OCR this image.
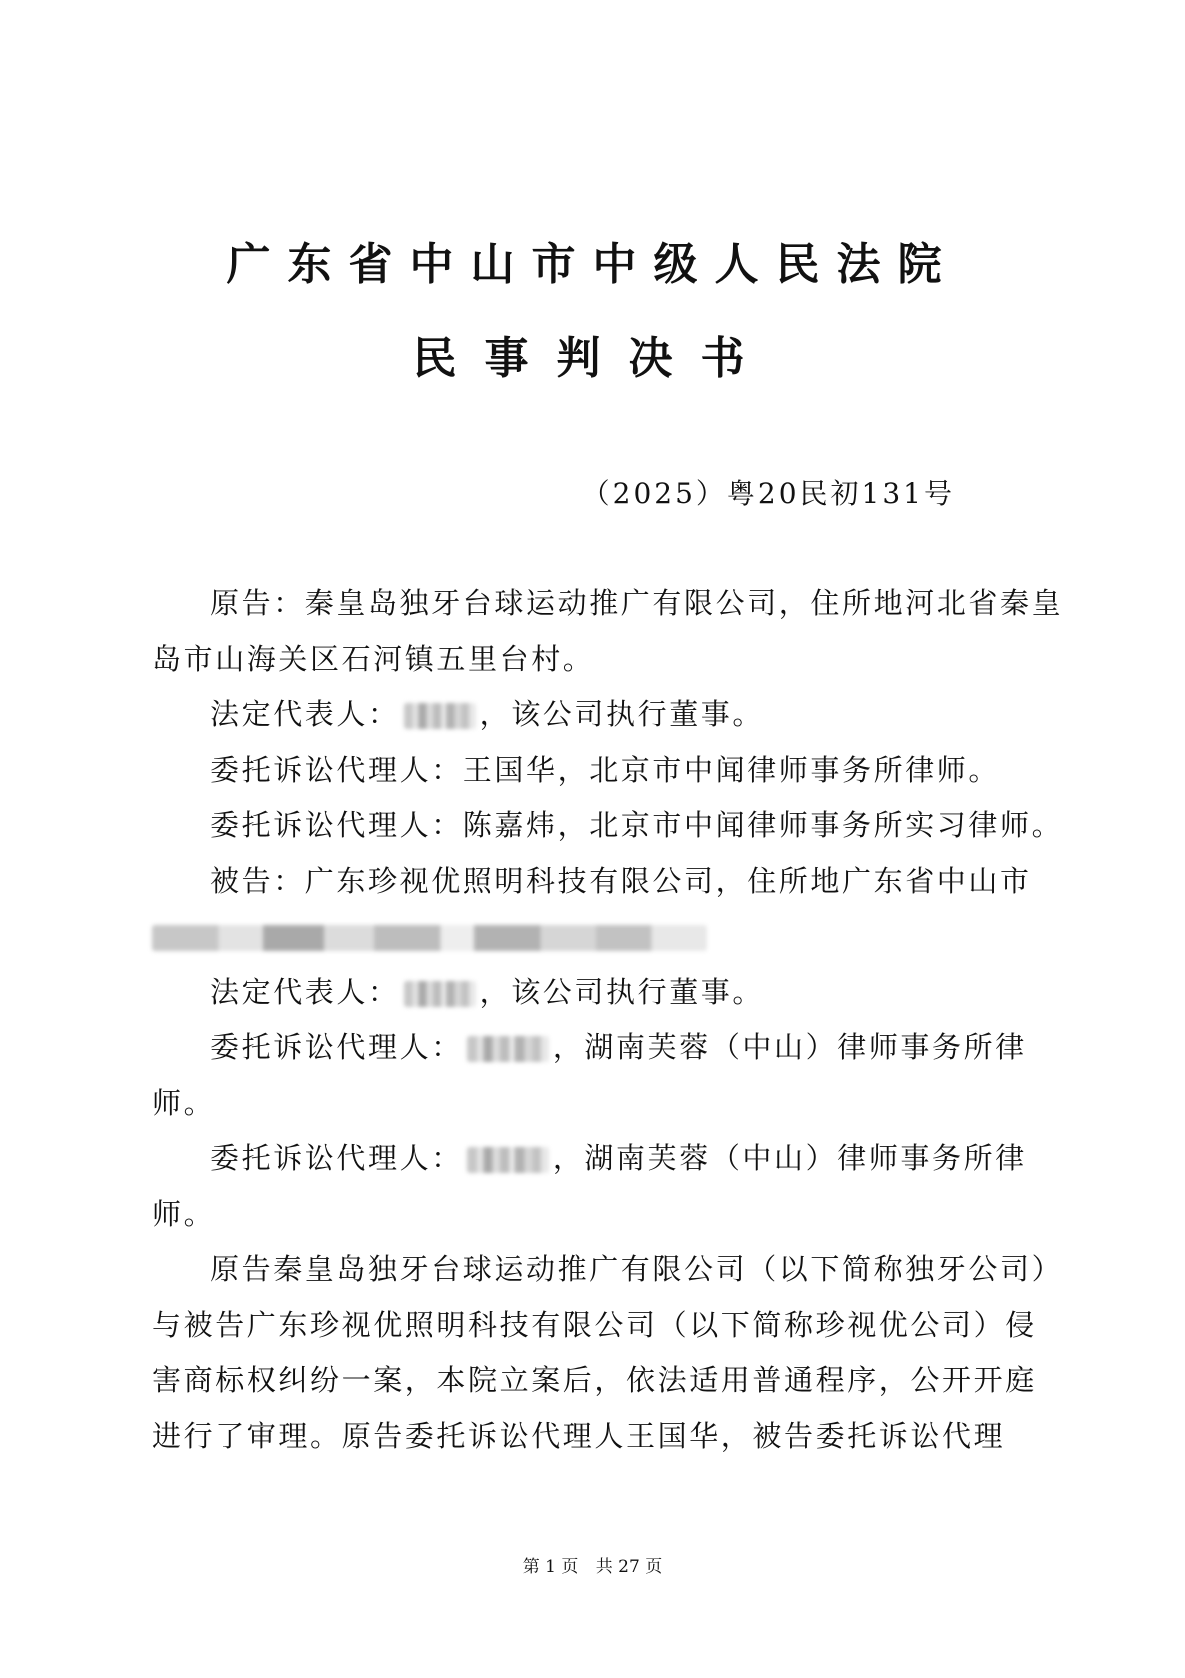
广东省中山市中级人民法院
民事判决书
（2025）粤20民初131号

原告：秦皇岛独牙台球运动推广有限公司，住所地河北省秦皇岛市山海关区石河镇五里台村。

法定代表人：	，该公司执行董事。

委托诉讼代理人：王国华，北京市中闻律师事务所律师。

委托诉讼代理人：陈嘉炜，北京市中闻律师事务所实习律师。

被告：广东珍视优照明科技有限公司，住所地广东省中山市

法定代表人：	，该公司执行董事。

委托诉讼代理人：	，湖南芙蓉（中山）律师事务所律师。

委托诉讼代理人：	，湖南芙蓉（中山）律师事务所律师。

原告秦皇岛独牙台球运动推广有限公司（以下简称独牙公司）与被告广东珍视优照明科技有限公司（以下简称珍视优公司）侵害商标权纠纷一案，本院立案后，依法适用普通程序，公开开庭进行了审理。原告委托诉讼代理人王国华，被告委托诉讼代理

第 1 页 共 27 页
